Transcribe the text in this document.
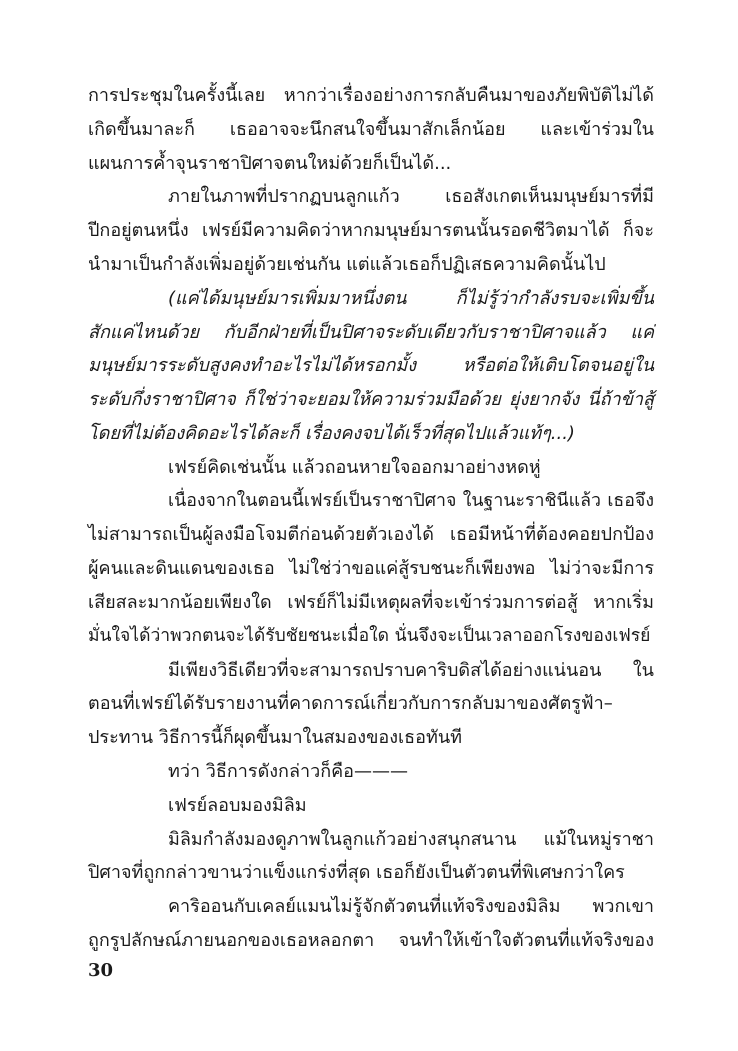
การประชุมในครั้งนี้เลย หากว่าเรื่องอย่างการกลับคืนมาของภัยพิบัติไม่ได้
เกิดขึ้นมาละก็ เธออาจจะนึกสนใจขึ้นมาสักเล็กน้อย และเข้าร่วมใน
แผนการค้ำจุนราชาปิศาจตนใหม่ด้วยก็เป็นได้...
ภายในภาพที่ปรากฏบนลูกแก้ว เธอสังเกตเห็นมนุษย์มารที่มี
ปีกอยู่ตนหนึ่ง เฟรย์มีความคิดว่าหากมนุษย์มารตนนั้นรอดชีวิตมาได้ ก็จะ
นำมาเป็นกำลังเพิ่มอยู่ด้วยเช่นกัน แต่แล้วเธอก็ปฏิเสธความคิดนั้นไป
(แค่ได้มนุษย์มารเพิ่มมาหนึ่งตน ก็ไม่รู้ว่ากำลังรบจะเพิ่มขึ้น
สักแค่ไหนด้วย กับอีกฝ่ายที่เป็นปิศาจระดับเดียวกับราชาปิศาจแล้ว แค่
มนุษย์มารระดับสูงคงทำอะไรไม่ได้หรอกมั้ง หรือต่อให้เติบโตจนอยู่ใน
ระดับกึ่งราชาปิศาจ ก็ใช่ว่าจะยอมให้ความร่วมมือด้วย ยุ่งยากจัง นี่ถ้าข้าสู้
โดยที่ไม่ต้องคิดอะไรได้ละก็ เรื่องคงจบได้เร็วที่สุดไปแล้วแท้ๆ...)
เฟรย์คิดเช่นนั้น แล้วถอนหายใจออกมาอย่างหดหู่
เนื่องจากในตอนนี้เฟรย์เป็นราชาปิศาจ ในฐานะราชินีแล้ว เธอจึง
ไม่สามารถเป็นผู้ลงมือโจมตีก่อนด้วยตัวเองได้ เธอมีหน้าที่ต้องคอยปกป้อง
ผู้คนและดินแดนของเธอ ไม่ใช่ว่าขอแค่สู้รบชนะก็เพียงพอ ไม่ว่าจะมีการ
เสียสละมากน้อยเพียงใด เฟรย์ก็ไม่มีเหตุผลที่จะเข้าร่วมการต่อสู้ หากเริ่ม
มั่นใจได้ว่าพวกตนจะได้รับชัยชนะเมื่อใด นั่นจึงจะเป็นเวลาออกโรงของเฟรย์
มีเพียงวิธีเดียวที่จะสามารถปราบคาริบดิสได้อย่างแน่นอน ใน
ตอนที่เฟรย์ได้รับรายงานที่คาดการณ์เกี่ยวกับการกลับมาของศัตรูฟ้า–
ประทาน วิธีการนี้ก็ผุดขึ้นมาในสมองของเธอทันที
ทว่า วิธีการดังกล่าวก็คือ———
เฟรย์ลอบมองมิลิม
มิลิมกำลังมองดูภาพในลูกแก้วอย่างสนุกสนาน แม้ในหมู่ราชา
ปิศาจที่ถูกกล่าวขานว่าแข็งแกร่งที่สุด เธอก็ยังเป็นตัวตนที่พิเศษกว่าใคร
คาริออนกับเคลย์แมนไม่รู้จักตัวตนที่แท้จริงของมิลิม พวกเขา
ถูกรูปลักษณ์ภายนอกของเธอหลอกตา จนทำให้เข้าใจตัวตนที่แท้จริงของ
30
